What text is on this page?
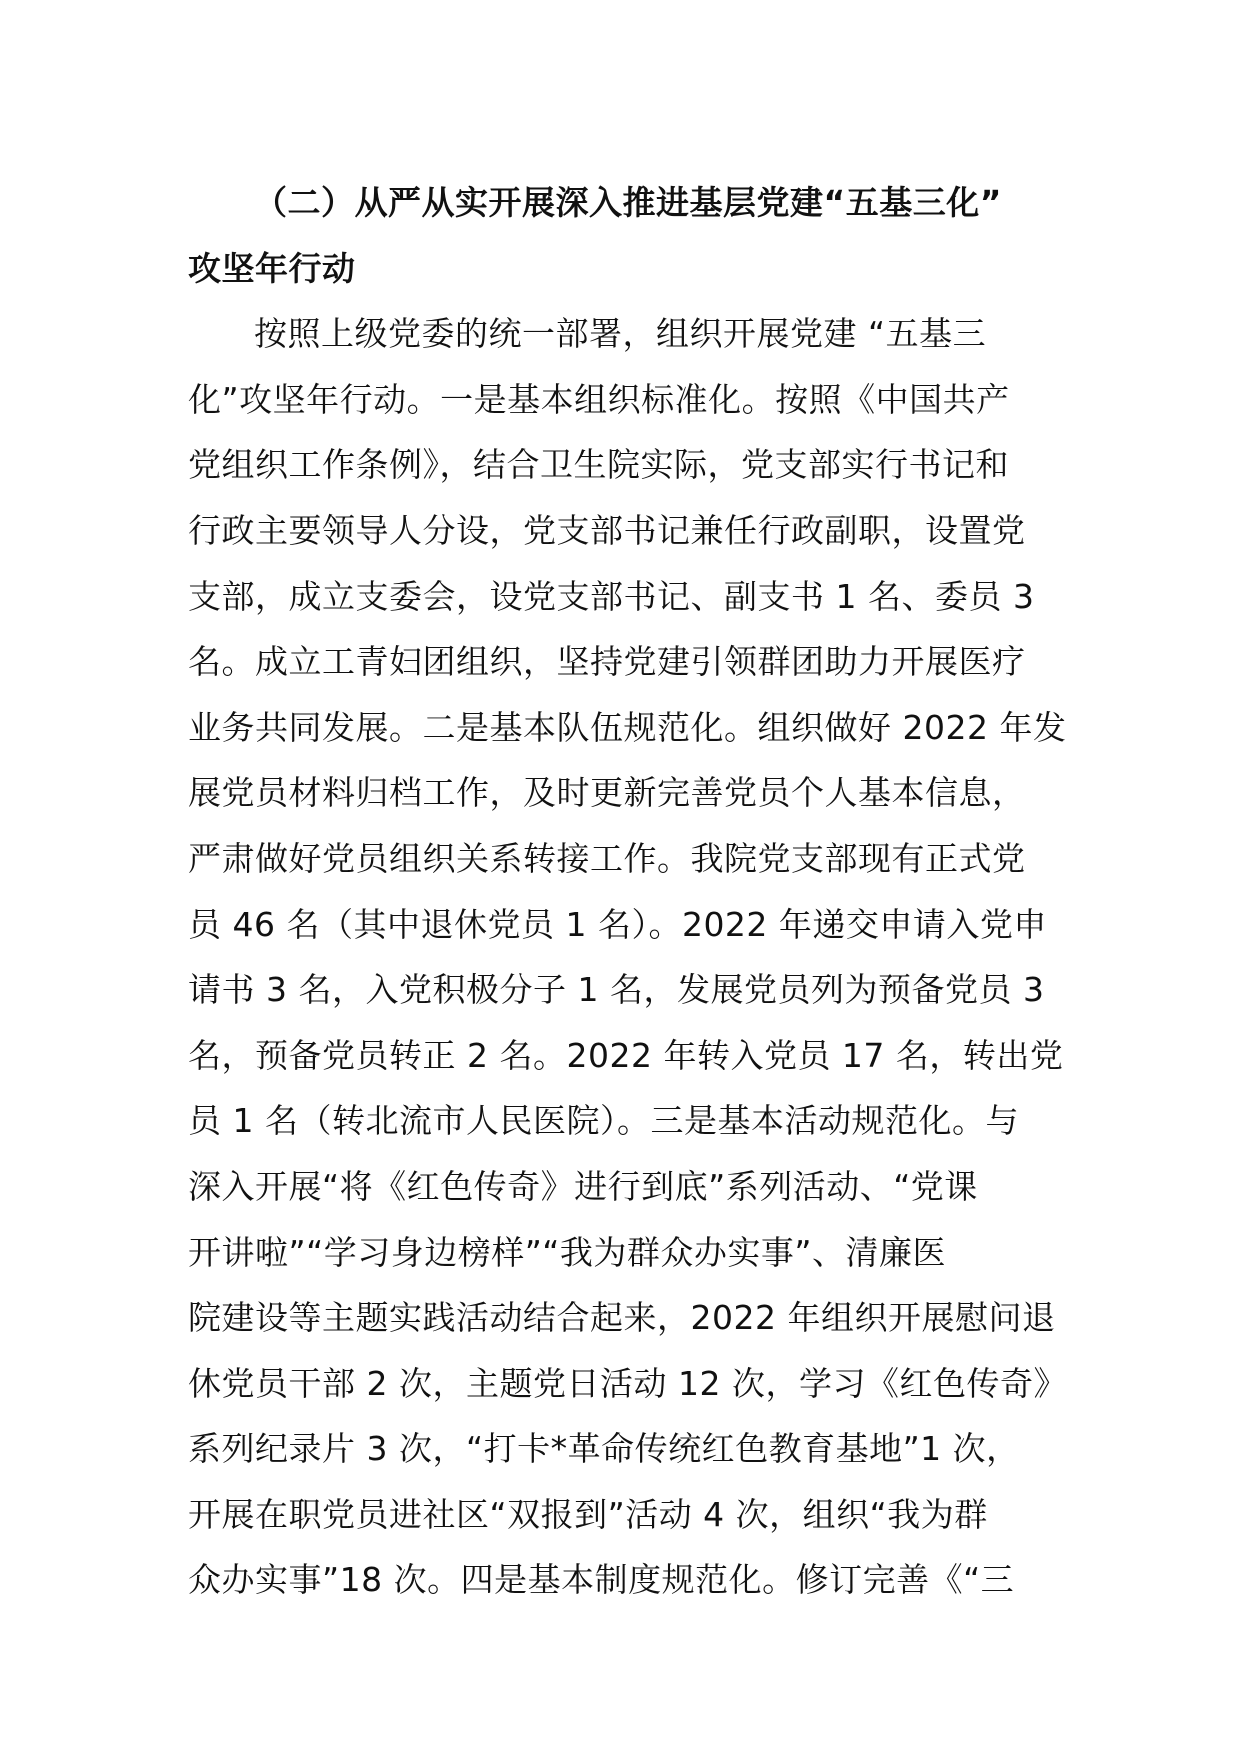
（二）从严从实开展深入推进基层党建“五基三化”
攻坚年行动
按照上级党委的统一部署，组织开展党建 “五基三
化”攻坚年行动。一是基本组织标准化。按照《中国共产
党组织工作条例》，结合卫生院实际，党支部实行书记和
行政主要领导人分设，党支部书记兼任行政副职，设置党
支部，成立支委会，设党支部书记、副支书 1 名、委员 3
名。成立工青妇团组织，坚持党建引领群团助力开展医疗
业务共同发展。二是基本队伍规范化。组织做好 2022 年发
展党员材料归档工作，及时更新完善党员个人基本信息，
严肃做好党员组织关系转接工作。我院党支部现有正式党
员 46 名（其中退休党员 1 名）。2022 年递交申请入党申
请书 3 名，入党积极分子 1 名，发展党员列为预备党员 3
名，预备党员转正 2 名。2022 年转入党员 17 名，转出党
员 1 名（转北流市人民医院）。三是基本活动规范化。与
深入开展“将《红色传奇》进行到底”系列活动、“党课
开讲啦”“学习身边榜样”“我为群众办实事”、清廉医
院建设等主题实践活动结合起来，2022 年组织开展慰问退
休党员干部 2 次，主题党日活动 12 次，学习《红色传奇》
系列纪录片 3 次，“打卡*革命传统红色教育基地”1 次，
开展在职党员进社区“双报到”活动 4 次，组织“我为群
众办实事”18 次。四是基本制度规范化。修订完善《“三
